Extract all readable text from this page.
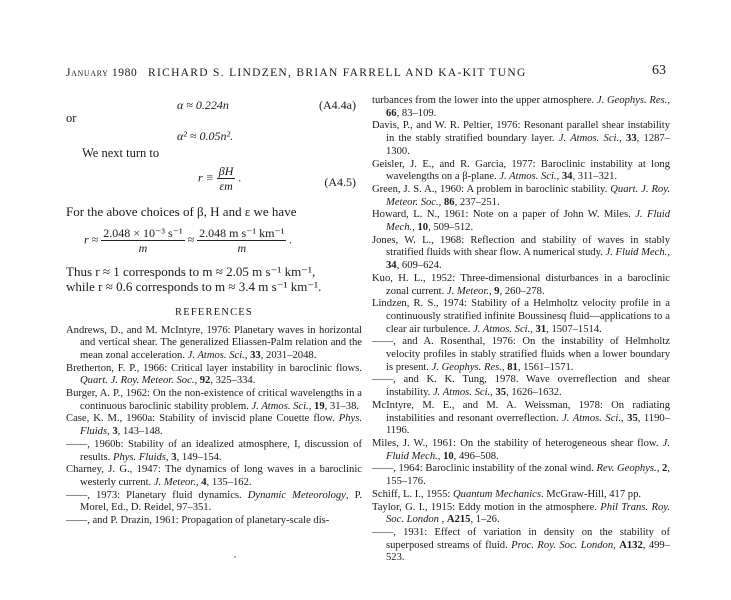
January 1980 RICHARD S. LINDZEN, BRIAN FARRELL AND KA-KIT TUNG	63
α ≈ 0.224n	(A4.4a)
or
α² ≈ 0.05n².
We next turn to
$r \equiv \frac{\beta H}{\varepsilon m}$ .	(A4.5)
For the above choices of β, H and ε we have
$r \approx \frac{\text{2.048 × 10⁻³ s⁻¹}}{m} \approx \frac{\text{2.048 m s⁻¹ km⁻¹}}{m}$ .
Thus r ≈ 1 corresponds to m ≈ 2.05 m s⁻¹ km⁻¹,
while r ≈ 0.6 corresponds to m ≈ 3.4 m s⁻¹ km⁻¹.
REFERENCES
Andrews, D., and M. McIntyre, 1976: Planetary waves in horizontal and vertical shear. The generalized Eliassen-Palm relation and the mean zonal acceleration. J. Atmos. Sci., 33, 2031–2048.
Bretherton, F. P., 1966: Critical layer instability in baroclinic flows. Quart. J. Roy. Meteor. Soc., 92, 325–334.
Burger, A. P., 1962: On the non-existence of critical wavelengths in a continuous baroclinic stability problem. J. Atmos. Sci., 19, 31–38.
Case, K. M., 1960a: Stability of inviscid plane Couette flow. Phys. Fluids, 3, 143–148.
——, 1960b: Stability of an idealized atmosphere, I, discussion of results. Phys. Fluids, 3, 149–154.
Charney, J. G., 1947: The dynamics of long waves in a baroclinic westerly current. J. Meteor., 4, 135–162.
——, 1973: Planetary fluid dynamics. Dynamic Meteorology, P. Morel, Ed., D. Reidel, 97–351.
——, and P. Drazin, 1961: Propagation of planetary-scale dis-
turbances from the lower into the upper atmosphere. J. Geophys. Res., 66, 83–109.
Davis, P., and W. R. Peltier, 1976: Resonant parallel shear instability in the stably stratified boundary layer. J. Atmos. Sci., 33, 1287–1300.
Geisler, J. E., and R. Garcia, 1977: Baroclinic instability at long wavelengths on a β-plane. J. Atmos. Sci., 34, 311–321.
Green, J. S. A., 1960: A problem in baroclinic stability. Quart. J. Roy. Meteor. Soc., 86, 237–251.
Howard, L. N., 1961: Note on a paper of John W. Miles. J. Fluid Mech., 10, 509–512.
Jones, W. L., 1968: Reflection and stability of waves in stably stratified fluids with shear flow. A numerical study. J. Fluid Mech., 34, 609–624.
Kuo, H. L., 1952: Three-dimensional disturbances in a baroclinic zonal current. J. Meteor., 9, 260–278.
Lindzen, R. S., 1974: Stability of a Helmholtz velocity profile in a continuously stratified infinite Boussinesq fluid—applications to a clear air turbulence. J. Atmos. Sci., 31, 1507–1514.
——, and A. Rosenthal, 1976: On the instability of Helmholtz velocity profiles in stably stratified fluids when a lower boundary is present. J. Geophys. Res., 81, 1561–1571.
——, and K. K. Tung, 1978. Wave overreflection and shear instability. J. Atmos. Sci., 35, 1626–1632.
McIntyre, M. E., and M. A. Weissman, 1978: On radiating instabilities and resonant overreflection. J. Atmos. Sci., 35, 1190–1196.
Miles, J. W., 1961: On the stability of heterogeneous shear flow. J. Fluid Mech., 10, 496–508.
——, 1964: Baroclinic instability of the zonal wind. Rev. Geophys., 2, 155–176.
Schiff, L. I., 1955: Quantum Mechanics. McGraw-Hill, 417 pp.
Taylor, G. I., 1915: Eddy motion in the atmosphere. Phil Trans. Roy. Soc. London , A215, 1–26.
——, 1931: Effect of variation in density on the stability of superposed streams of fluid. Proc. Roy. Soc. London, A132, 499–523.
